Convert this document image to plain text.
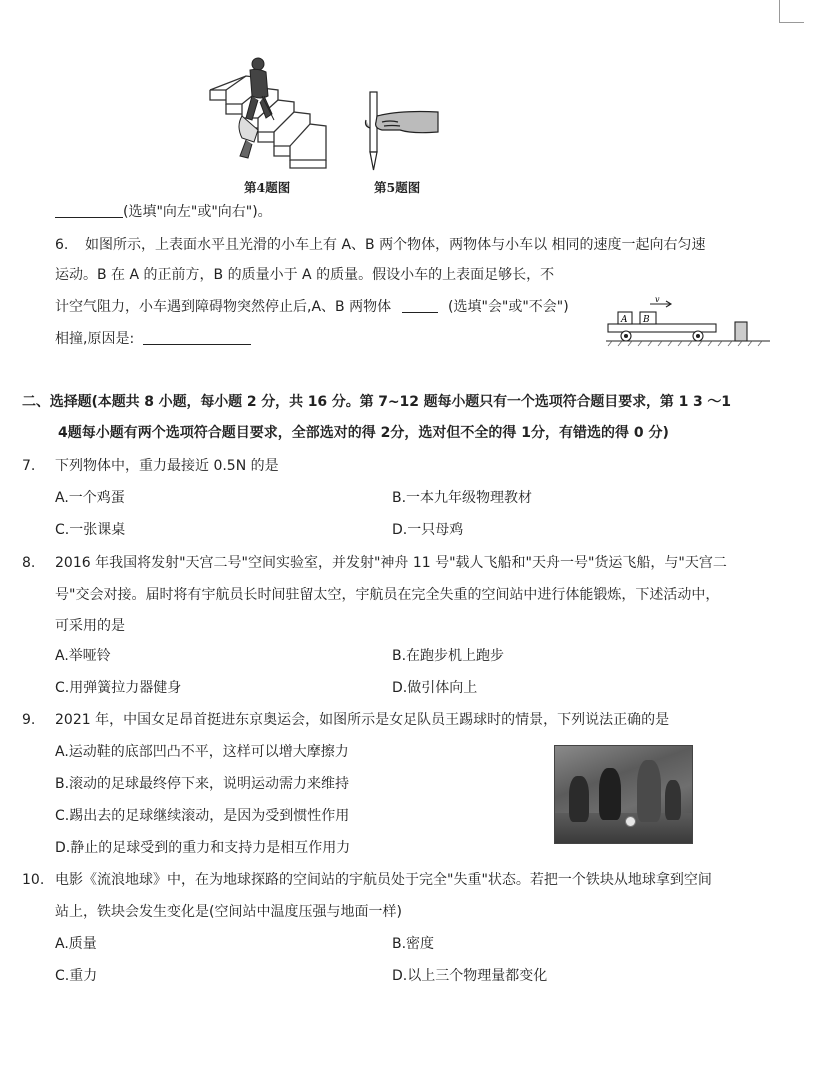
第4题图	第5题图
(选填"向左"或"向右")。
6. 如图所示，上表面水平且光滑的小车上有 A、B 两个物体，两物体与小车以 相同的速度一起向右匀速
运动。B 在 A 的正前方，B 的质量小于 A 的质量。假设小车的上表面足够长，不
计空气阻力，小车遇到障碍物突然停止后,A、B 两物体	(选填"会"或"不会")
相撞,原因是:
A B
v
二、选择题(本题共 8 小题，每小题 2 分，共 16 分。第 7~12 题每小题只有一个选项符合题目要求，第 1 3 ～1
4题每小题有两个选项符合题目要求，全部选对的得 2分，选对但不全的得 1分，有错选的得 0 分)
7. 下列物体中，重力最接近 0.5N 的是
A.一个鸡蛋	B.一本九年级物理教材
C.一张课桌	D.一只母鸡
8. 2016 年我国将发射"天宫二号"空间实验室，并发射"神舟 11 号"载人飞船和"天舟一号"货运飞船，与"天宫二
号"交会对接。届时将有宇航员长时间驻留太空，宇航员在完全失重的空间站中进行体能锻炼，下述活动中，
可采用的是
A.举哑铃	B.在跑步机上跑步
C.用弹簧拉力器健身	D.做引体向上
9. 2021 年，中国女足昂首挺进东京奥运会，如图所示是女足队员王踢球时的情景，下列说法正确的是
A.运动鞋的底部凹凸不平，这样可以增大摩擦力
B.滚动的足球最终停下来，说明运动需力来维持
C.踢出去的足球继续滚动，是因为受到惯性作用
D.静止的足球受到的重力和支持力是相互作用力
10. 电影《流浪地球》中，在为地球探路的空间站的宇航员处于完全"失重"状态。若把一个铁块从地球拿到空间
站上，铁块会发生变化是(空间站中温度压强与地面一样)
A.质量	B.密度
C.重力	D.以上三个物理量都变化
